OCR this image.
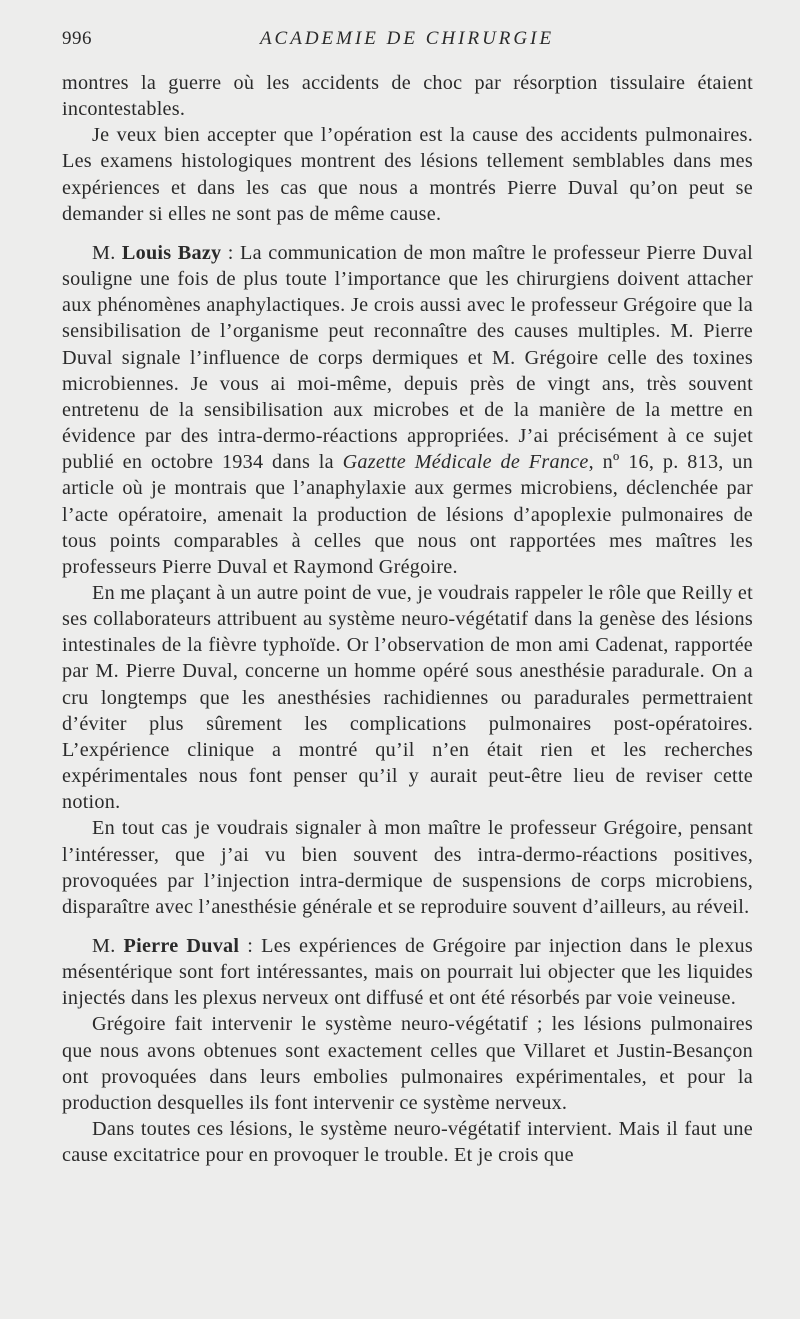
996	ACADEMIE DE CHIRURGIE

montres la guerre où les accidents de choc par résorption tissulaire étaient incontestables.

Je veux bien accepter que l’opération est la cause des accidents pulmonaires. Les examens histologiques montrent des lésions tellement semblables dans mes expériences et dans les cas que nous a montrés Pierre Duval qu’on peut se demander si elles ne sont pas de même cause.

M. Louis Bazy : La communication de mon maître le professeur Pierre Duval souligne une fois de plus toute l’importance que les chirurgiens doivent attacher aux phénomènes anaphylactiques. Je crois aussi avec le professeur Grégoire que la sensibilisation de l’organisme peut reconnaître des causes multiples. M. Pierre Duval signale l’influence de corps dermiques et M. Grégoire celle des toxines microbiennes. Je vous ai moi-même, depuis près de vingt ans, très souvent entretenu de la sensibilisation aux microbes et de la manière de la mettre en évidence par des intra-dermo-réactions appropriées. J’ai précisément à ce sujet publié en octobre 1934 dans la Gazette Médicale de France, nº 16, p. 813, un article où je montrais que l’anaphylaxie aux germes microbiens, déclenchée par l’acte opératoire, amenait la production de lésions d’apoplexie pulmonaires de tous points comparables à celles que nous ont rapportées mes maîtres les professeurs Pierre Duval et Raymond Grégoire.

En me plaçant à un autre point de vue, je voudrais rappeler le rôle que Reilly et ses collaborateurs attribuent au système neuro-végétatif dans la genèse des lésions intestinales de la fièvre typhoïde. Or l’observation de mon ami Cadenat, rapportée par M. Pierre Duval, concerne un homme opéré sous anesthésie paradurale. On a cru longtemps que les anesthésies rachidiennes ou paradurales permettraient d’éviter plus sûrement les complications pulmonaires post-opératoires. L’expérience clinique a montré qu’il n’en était rien et les recherches expérimentales nous font penser qu’il y aurait peut-être lieu de reviser cette notion.

En tout cas je voudrais signaler à mon maître le professeur Grégoire, pensant l’intéresser, que j’ai vu bien souvent des intra-dermo-réactions positives, provoquées par l’injection intra-dermique de suspensions de corps microbiens, disparaître avec l’anesthésie générale et se reproduire souvent d’ailleurs, au réveil.

M. Pierre Duval : Les expériences de Grégoire par injection dans le plexus mésentérique sont fort intéressantes, mais on pourrait lui objecter que les liquides injectés dans les plexus nerveux ont diffusé et ont été résorbés par voie veineuse.

Grégoire fait intervenir le système neuro-végétatif ; les lésions pulmonaires que nous avons obtenues sont exactement celles que Villaret et Justin-Besançon ont provoquées dans leurs embolies pulmonaires expérimentales, et pour la production desquelles ils font intervenir ce système nerveux.

Dans toutes ces lésions, le système neuro-végétatif intervient. Mais il faut une cause excitatrice pour en provoquer le trouble. Et je crois que
